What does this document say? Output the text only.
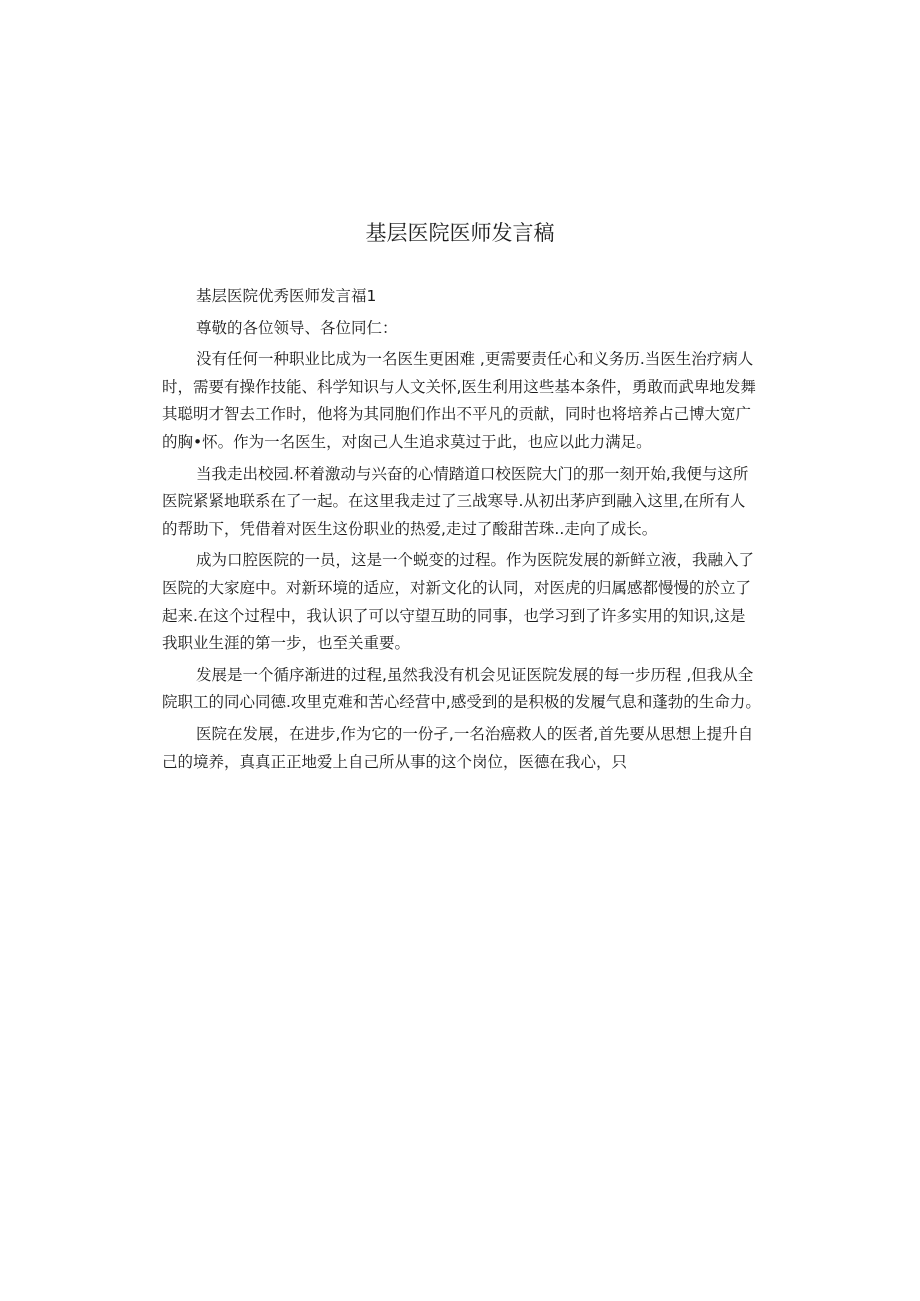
基层医院医师发言稿
基层医院优秀医师发言福1
尊敬的各位领导、各位同仁：
没有任何一种职业比成为一名医生更困难 ,更需要责任心和义务历.当医生治疗病人
时，需要有操作技能、科学知识与人文关怀,医生利用这些基本条件，勇敢而武卑地发舞
其聪明才智去工作时，他将为其同胞们作出不平凡的贡献，同时也将培养占己博大宽广
的胸•怀。作为一名医生，对囱己人生追求莫过于此，也应以此力满足。
当我走出校园.杯着激动与兴奋的心情踏道口校医院大门的那一刻开始,我便与这所
医院紧紧地联系在了一起。在这里我走过了三战寒导.从初出茅庐到融入这里,在所有人
的帮助下，凭借着对医生这份职业的热爱,走过了酸甜苦珠..走向了成长。
成为口腔医院的一员，这是一个蜕变的过程。作为医院发展的新鲜立液，我融入了
医院的大家庭中。对新环境的适应，对新文化的认同，对医虎的归属感都慢慢的於立了
起来.在这个过程中，我认识了可以守望互助的同事，也学习到了许多实用的知识,这是
我职业生涯的第一步，也至关重要。
发展是一个循序渐进的过程,虽然我没有机会见证医院发展的每一步历程 ,但我从全
院职工的同心同德.攻里克难和苦心经营中,感受到的是积极的发履气息和蓬勃的生命力。
医院在发展，在进步,作为它的一份孑,一名治癌救人的医者,首先要从思想上提升自
己的境养，真真正正地爱上自己所从事的这个岗位，医德在我心，只
